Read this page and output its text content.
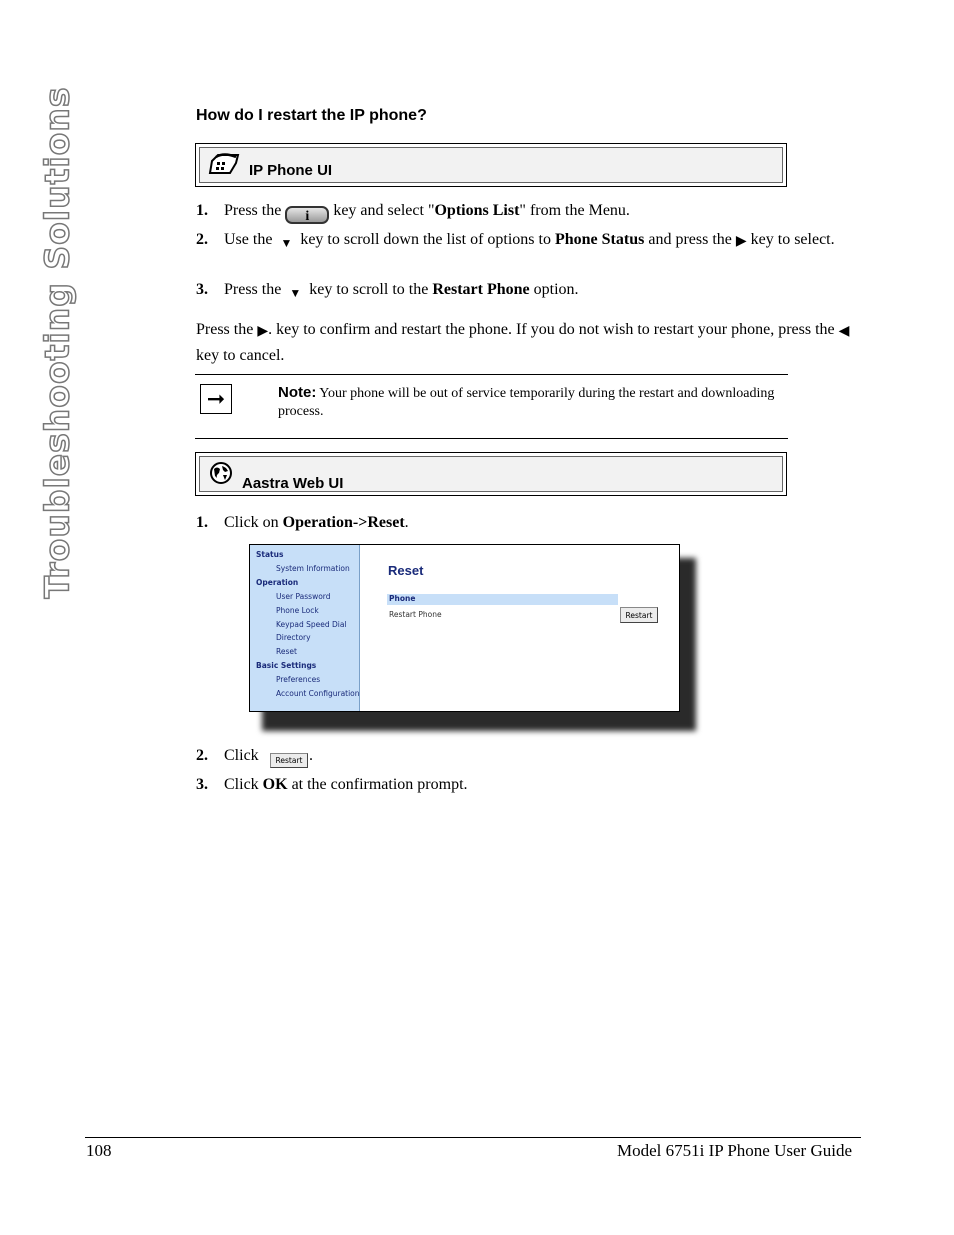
Troubleshooting Solutions	How do I restart the IP phone?
IP Phone UI
1. Press the i key and select "Options List" from the Menu.
2. Use the ▼ key to scroll down the list of options to Phone Status and press the ▶ key to select.
3. Press the ▼ key to scroll to the Restart Phone option.
Press the ▶. key to confirm and restart the phone. If you do not wish to restart your phone, press the ◀ key to cancel.
➞	Note: Your phone will be out of service temporarily during the restart and downloading process.
Aastra Web UI
1. Click on Operation->Reset.
Status
System Information
Operation
User Password
Phone Lock
Keypad Speed Dial
Directory
Reset
Basic Settings
Preferences
Account Configuration
Reset
Phone
Restart Phone	Restart
2. Click	Restart .
3. Click OK at the confirmation prompt.
108	Model 6751i IP Phone User Guide
